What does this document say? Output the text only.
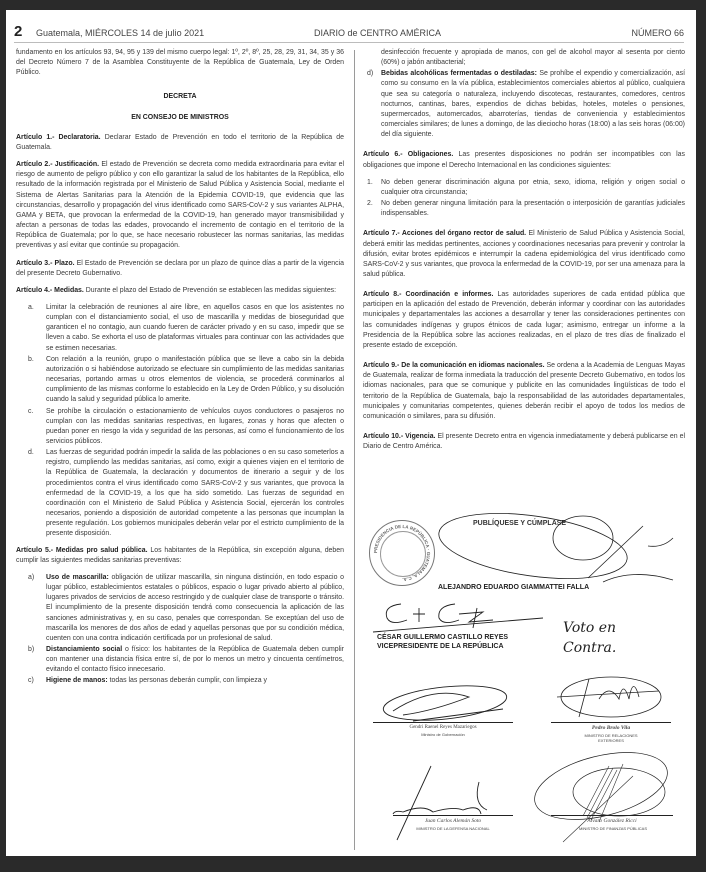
2 Guatemala, MIÉRCOLES 14 de julio 2021	DIARIO de CENTRO AMÉRICA	NÚMERO 66

fundamento en los artículos 93, 94, 95 y 139 del mismo cuerpo legal: 1º, 2º, 8º, 25, 28, 29, 31, 34, 35 y 36 del Decreto Número 7 de la Asamblea Constituyente de la República de Guatemala, Ley de Orden Público.

DECRETA

EN CONSEJO DE MINISTROS

Artículo 1.- Declaratoria. Declarar Estado de Prevención en todo el territorio de la República de Guatemala.

Artículo 2.- Justificación. El estado de Prevención se decreta como medida extraordinaria para evitar el riesgo de aumento de peligro público y con ello garantizar la salud de los habitantes de la República, ello resultado de la información registrada por el Ministerio de Salud Pública y Asistencia Social, mediante el Sistema de Alertas Sanitarias para la Atención de la Epidemia COVID-19, que evidencia que las circunstancias, desarrollo y propagación del virus identificado como SARS-CoV-2 y sus variantes ALPHA, GAMA y BETA, que provocan la enfermedad de la COVID-19, han generado mayor transmisibilidad y afectan a personas de todas las edades, provocando el incremento de contagio en el territorio de la República de Guatemala; por lo que, se hace necesario robustecer las normas sanitarias, las medidas preventivas y así evitar que continúe su propagación.

Artículo 3.- Plazo. El Estado de Prevención se declara por un plazo de quince días a partir de la vigencia del presente Decreto Gubernativo.

Artículo 4.- Medidas. Durante el plazo del Estado de Prevención se establecen las medidas siguientes:

a. Limitar la celebración de reuniones al aire libre, en aquellos casos en que los asistentes no cumplan con el distanciamiento social, el uso de mascarilla y medidas de bioseguridad que garanticen el no contagio, aun cuando fueren de carácter privado y en su caso, impedir que se lleven a cabo. Se exhorta el uso de plataformas virtuales para continuar con las actividades que se estimen necesarias.
b. Con relación a la reunión, grupo o manifestación pública que se lleve a cabo sin la debida autorización o si habiéndose autorizado se efectuare sin cumplimiento de las medidas sanitarias necesarias, portando armas u otros elementos de violencia, se procederá conminarlos al cumplimiento de las mismas conforme lo establecido en la Ley de Orden Público, y su disolución cuando la salud y seguridad pública lo amerite.
c. Se prohíbe la circulación o estacionamiento de vehículos cuyos conductores o pasajeros no cumplan con las medidas sanitarias respectivas, en lugares, zonas y horas que afecten o puedan poner en riesgo la vida y seguridad de las personas, así como el funcionamiento de los servicios públicos.
d. Las fuerzas de seguridad podrán impedir la salida de las poblaciones o en su caso someterlos a registro, cumpliendo las medidas sanitarias, así como, exigir a quienes viajen en el territorio de la República de Guatemala, la declaración y documentos de itinerario a seguir y de los procedimientos contra el virus identificado como SARS-CoV-2 y sus variantes, que provoca la enfermedad de la COVID-19, a los que ha sido sometido. Las fuerzas de seguridad en coordinación con el Ministerio de Salud Pública y Asistencia Social, ejercerán los controles necesarios, poniendo a disposición de autoridad competente a las personas que incumplan la presente regulación. Los gobiernos municipales deberán velar por el estricto cumplimiento de la presente disposición.

Artículo 5.- Medidas pro salud pública. Los habitantes de la República, sin excepción alguna, deben cumplir las siguientes medidas sanitarias preventivas:

a) Uso de mascarilla: obligación de utilizar mascarilla, sin ninguna distinción, en todo espacio o lugar público, establecimientos estatales o públicos, espacio o lugar privado abierto al público, lugares privados de servicios de acceso restringido y de cualquier clase de transporte o tránsito. El incumplimiento de la presente disposición tendrá como consecuencia la aplicación de las sanciones administrativas y, en su caso, penales que correspondan. Se exceptúan del uso de mascarilla los menores de dos años de edad y aquellas personas que por su condición médica, cuenten con una contra indicación certificada por un profesional de salud.
b) Distanciamiento social o físico: los habitantes de la República de Guatemala deben cumplir con mantener una distancia física entre sí, de por lo menos un metro y cincuenta centímetros, evitando el contacto físico innecesario.
c) Higiene de manos: todas las personas deberán cumplir, con limpieza y

desinfección frecuente y apropiada de manos, con gel de alcohol mayor al sesenta por ciento (60%) o jabón antibacterial;

d) Bebidas alcohólicas fermentadas o destiladas: Se prohíbe el expendio y comercialización, así como su consumo en la vía pública, establecimientos comerciales abiertos al público, cualquiera que sea su categoría o naturaleza, incluyendo discotecas, restaurantes, comedores, centros nocturnos, cantinas, bares, expendios de dichas bebidas, hoteles, moteles o pensiones, supermercados, automercados, abarroterías, tiendas de conveniencia y establecimientos comerciales similares; de lunes a domingo, de las dieciocho horas (18:00) a las seis horas (06:00) del día siguiente.

Artículo 6.- Obligaciones. Las presentes disposiciones no podrán ser incompatibles con las obligaciones que impone el Derecho Internacional en las condiciones siguientes:

1. No deben generar discriminación alguna por etnia, sexo, idioma, religión y origen social o cualquier otra circunstancia;
2. No deben generar ninguna limitación para la presentación o interposición de garantías judiciales indispensables.

Artículo 7.- Acciones del órgano rector de salud. El Ministerio de Salud Pública y Asistencia Social, deberá emitir las medidas pertinentes, acciones y coordinaciones necesarias para prevenir y controlar la difusión, evitar brotes epidémicos e interrumpir la cadena epidemiológica del virus identificado como SARS-CoV-2 y sus variantes, que provoca la enfermedad de la COVID-19, por ser una amenaza para la salud pública.

Artículo 8.- Coordinación e informes. Las autoridades superiores de cada entidad pública que participen en la aplicación del estado de Prevención, deberán informar y coordinar con las autoridades municipales y departamentales las acciones a desarrollar y tener las consideraciones pertinentes con las comunidades indígenas y grupos étnicos de cada lugar; asimismo, entregar un informe a la Presidencia de la República sobre las acciones realizadas, en el plazo de tres días de finalizado el presente estado de excepción.

Artículo 9.- De la comunicación en idiomas nacionales. Se ordena a la Academia de Lenguas Mayas de Guatemala, realizar de forma inmediata la traducción del presente Decreto Gubernativo, en todos los idiomas nacionales, para que se comunique y publicite en las comunidades lingüísticas de todo el territorio de la República de Guatemala, bajo la responsabilidad de las autoridades departamentales, municipales y comunitarias competentes, quienes deberán recibir el apoyo de todos los medios de comunicación o similares, para su difusión.

Artículo 10.- Vigencia. El presente Decreto entra en vigencia inmediatamente y deberá publicarse en el Diario de Centro América.

PRESIDENCIA DE LA REPÚBLICA · GUATEMALA, C.A.
PUBLÍQUESE Y CÚMPLASE
ALEJANDRO EDUARDO GIAMMATTEI FALLA
CÉSAR GUILLERMO CASTILLO REYES
VICEPRESIDENTE DE LA REPÚBLICA
Voto en Contra.
Gendri Raenel Reyes Mazariegos
Ministro de Gobernación
Pedro Brolo Vila
MINISTRO DE RELACIONES EXTERIORES
Juan Carlos Alemán Soto
MINISTRO DE LA DEFENSA NACIONAL
Álvaro González Ricci
MINISTRO DE FINANZAS PÚBLICAS
